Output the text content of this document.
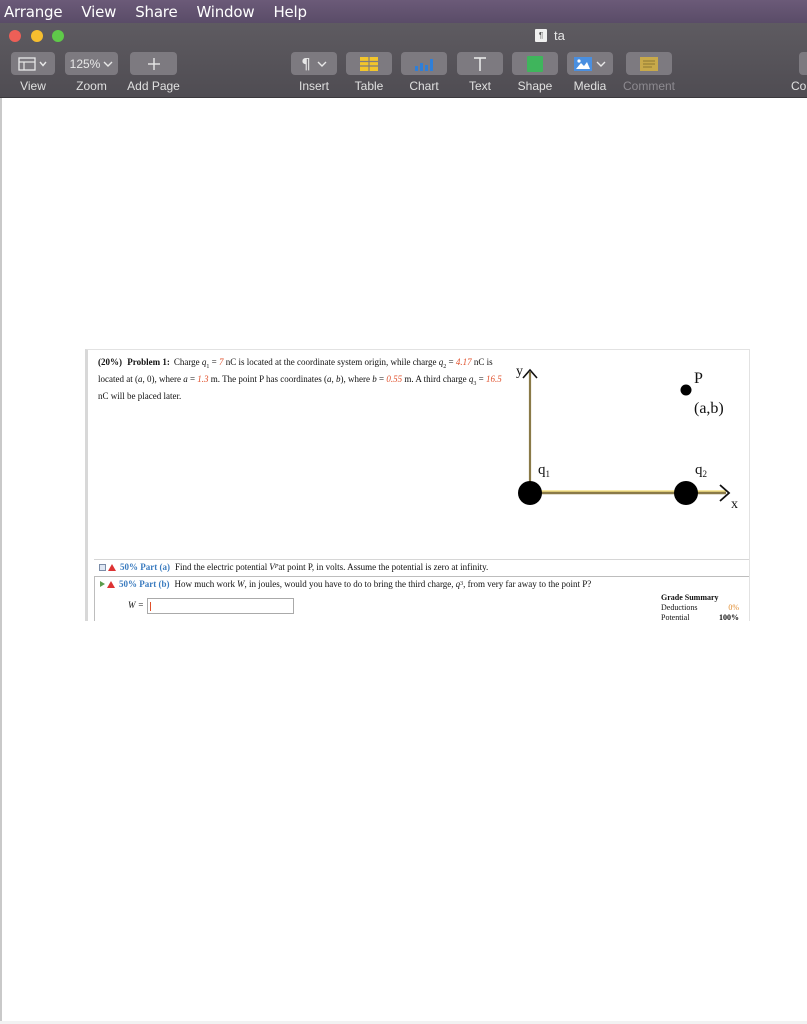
Arrange View Share Window Help
¶ ta
View
125%
Zoom	Add Page
¶
Insert	Table	Chart	Text	Shape	Media	Comment	Co
(20%) Problem 1: Charge $q_1 = 7$ nC is located at the coordinate system origin, while charge $q_2 = 4.17$ nC is located at (a, 0), where a = 1.3 m. The point P has coordinates (a, b), where b = 0.55 m. A third charge $q_3 = 16.5$ nC will be placed later.
y
x
$q_1$	$q_2$
P
(a,b)
50% Part (a) Find the electric potential V P at point P, in volts. Assume the potential is zero at infinity.
50% Part (b) How much work W , in joules, would you have to do to bring the third charge, q 3 , from very far away to the point P?
W =
Grade Summary
Deductions	0%
Potential	100%
